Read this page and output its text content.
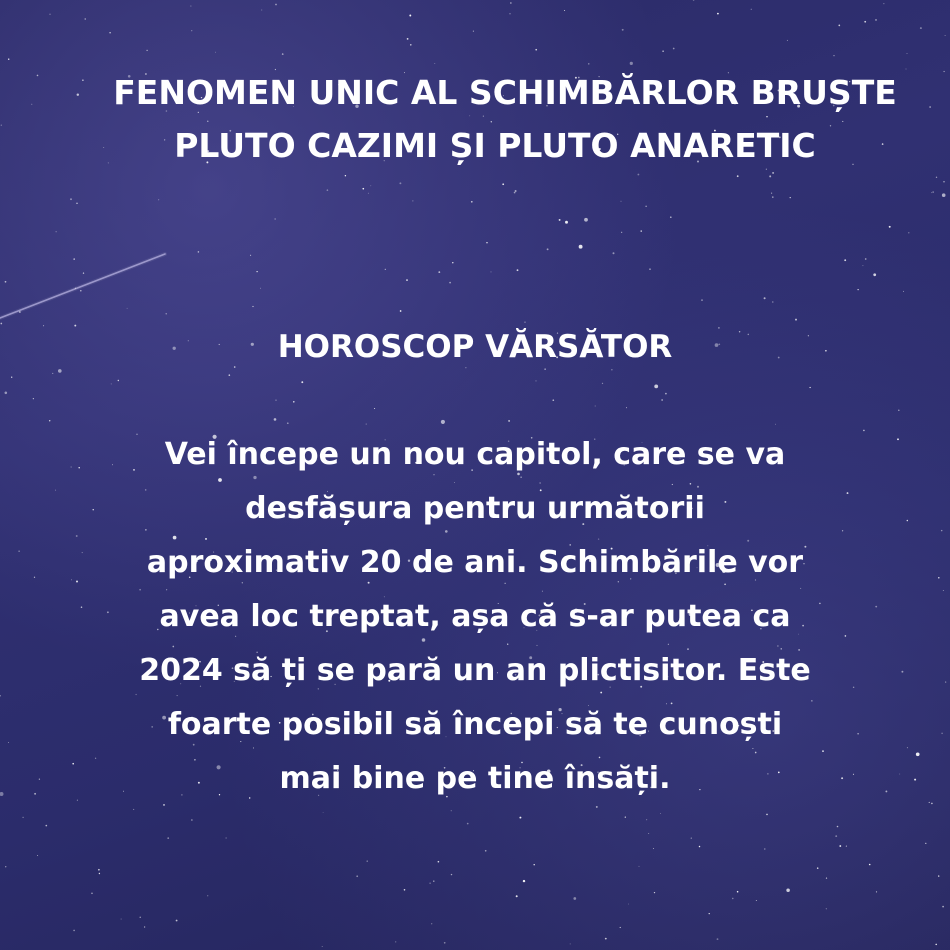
FENOMEN UNIC AL SCHIMBĂRLOR BRUȘTE
PLUTO CAZIMI ȘI PLUTO ANARETIC
HOROSCOP VĂRSĂTOR
Vei începe un nou capitol, care se va
desfășura pentru următorii
aproximativ 20 de ani. Schimbările vor
avea loc treptat, așa că s-ar putea ca
2024 să ți se pară un an plictisitor. Este
foarte posibil să începi să te cunoști
mai bine pe tine însăți.
